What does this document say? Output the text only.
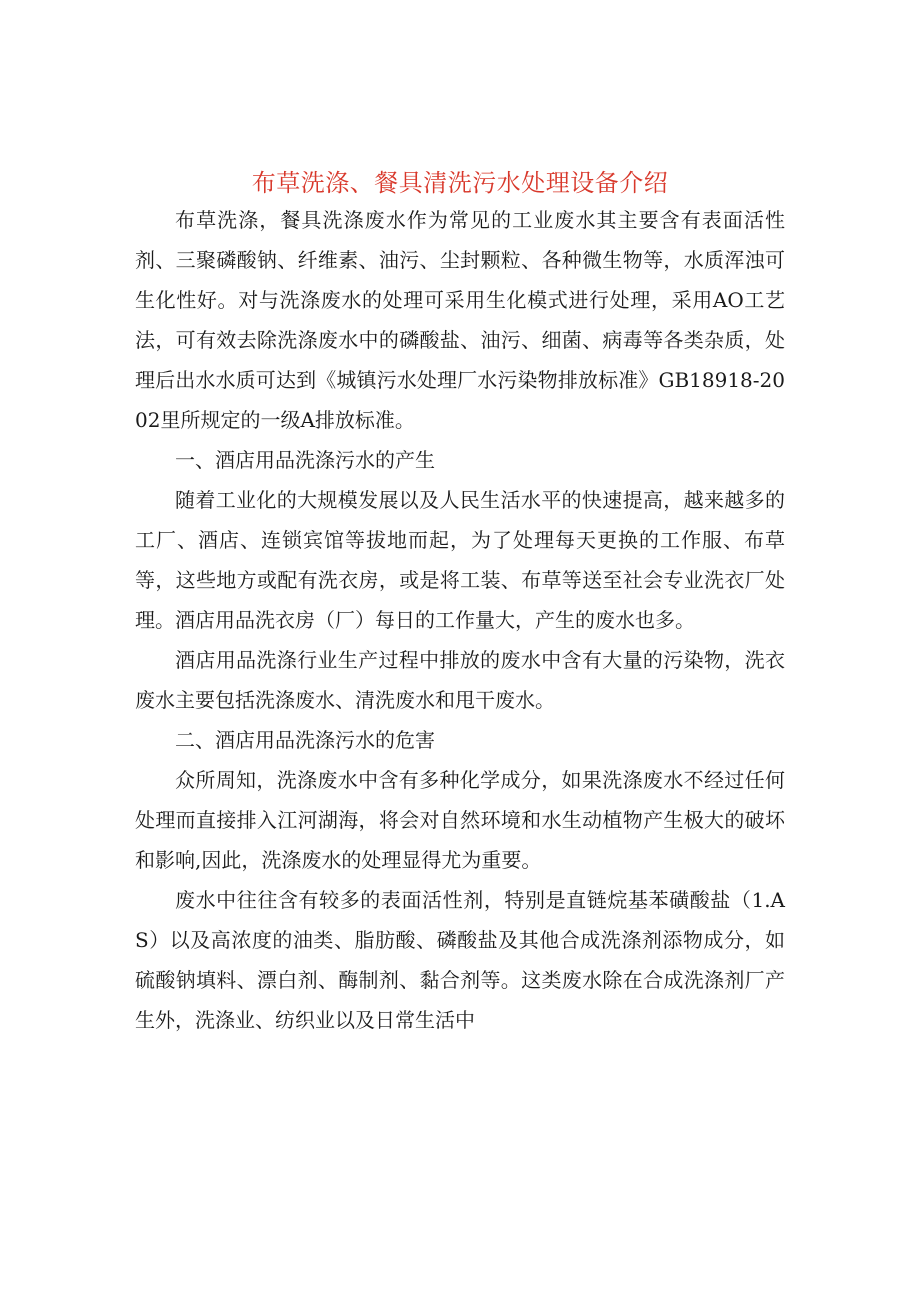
布草洗涤、餐具清洗污水处理设备介绍

布草洗涤，餐具洗涤废水作为常见的工业废水其主要含有表面活性剂、三聚磷酸钠、纤维素、油污、尘封颗粒、各种微生物等，水质浑浊可生化性好。对与洗涤废水的处理可采用生化模式进行处理，采用AO工艺法，可有效去除洗涤废水中的磷酸盐、油污、细菌、病毒等各类杂质，处理后出水水质可达到《城镇污水处理厂水污染物排放标准》GB18918-2002里所规定的一级A排放标准。

一、酒店用品洗涤污水的产生

随着工业化的大规模发展以及人民生活水平的快速提高，越来越多的工厂、酒店、连锁宾馆等拔地而起，为了处理每天更换的工作服、布草等，这些地方或配有洗衣房，或是将工装、布草等送至社会专业洗衣厂处理。酒店用品洗衣房（厂）每日的工作量大，产生的废水也多。

酒店用品洗涤行业生产过程中排放的废水中含有大量的污染物，洗衣废水主要包括洗涤废水、清洗废水和甩干废水。

二、酒店用品洗涤污水的危害

众所周知，洗涤废水中含有多种化学成分，如果洗涤废水不经过任何处理而直接排入江河湖海，将会对自然环境和水生动植物产生极大的破坏和影响,因此，洗涤废水的处理显得尤为重要。

废水中往往含有较多的表面活性剂，特别是直链烷基苯磺酸盐（1.AS）以及高浓度的油类、脂肪酸、磷酸盐及其他合成洗涤剂添物成分，如硫酸钠填料、漂白剂、酶制剂、黏合剂等。这类废水除在合成洗涤剂厂产生外，洗涤业、纺织业以及日常生活中
